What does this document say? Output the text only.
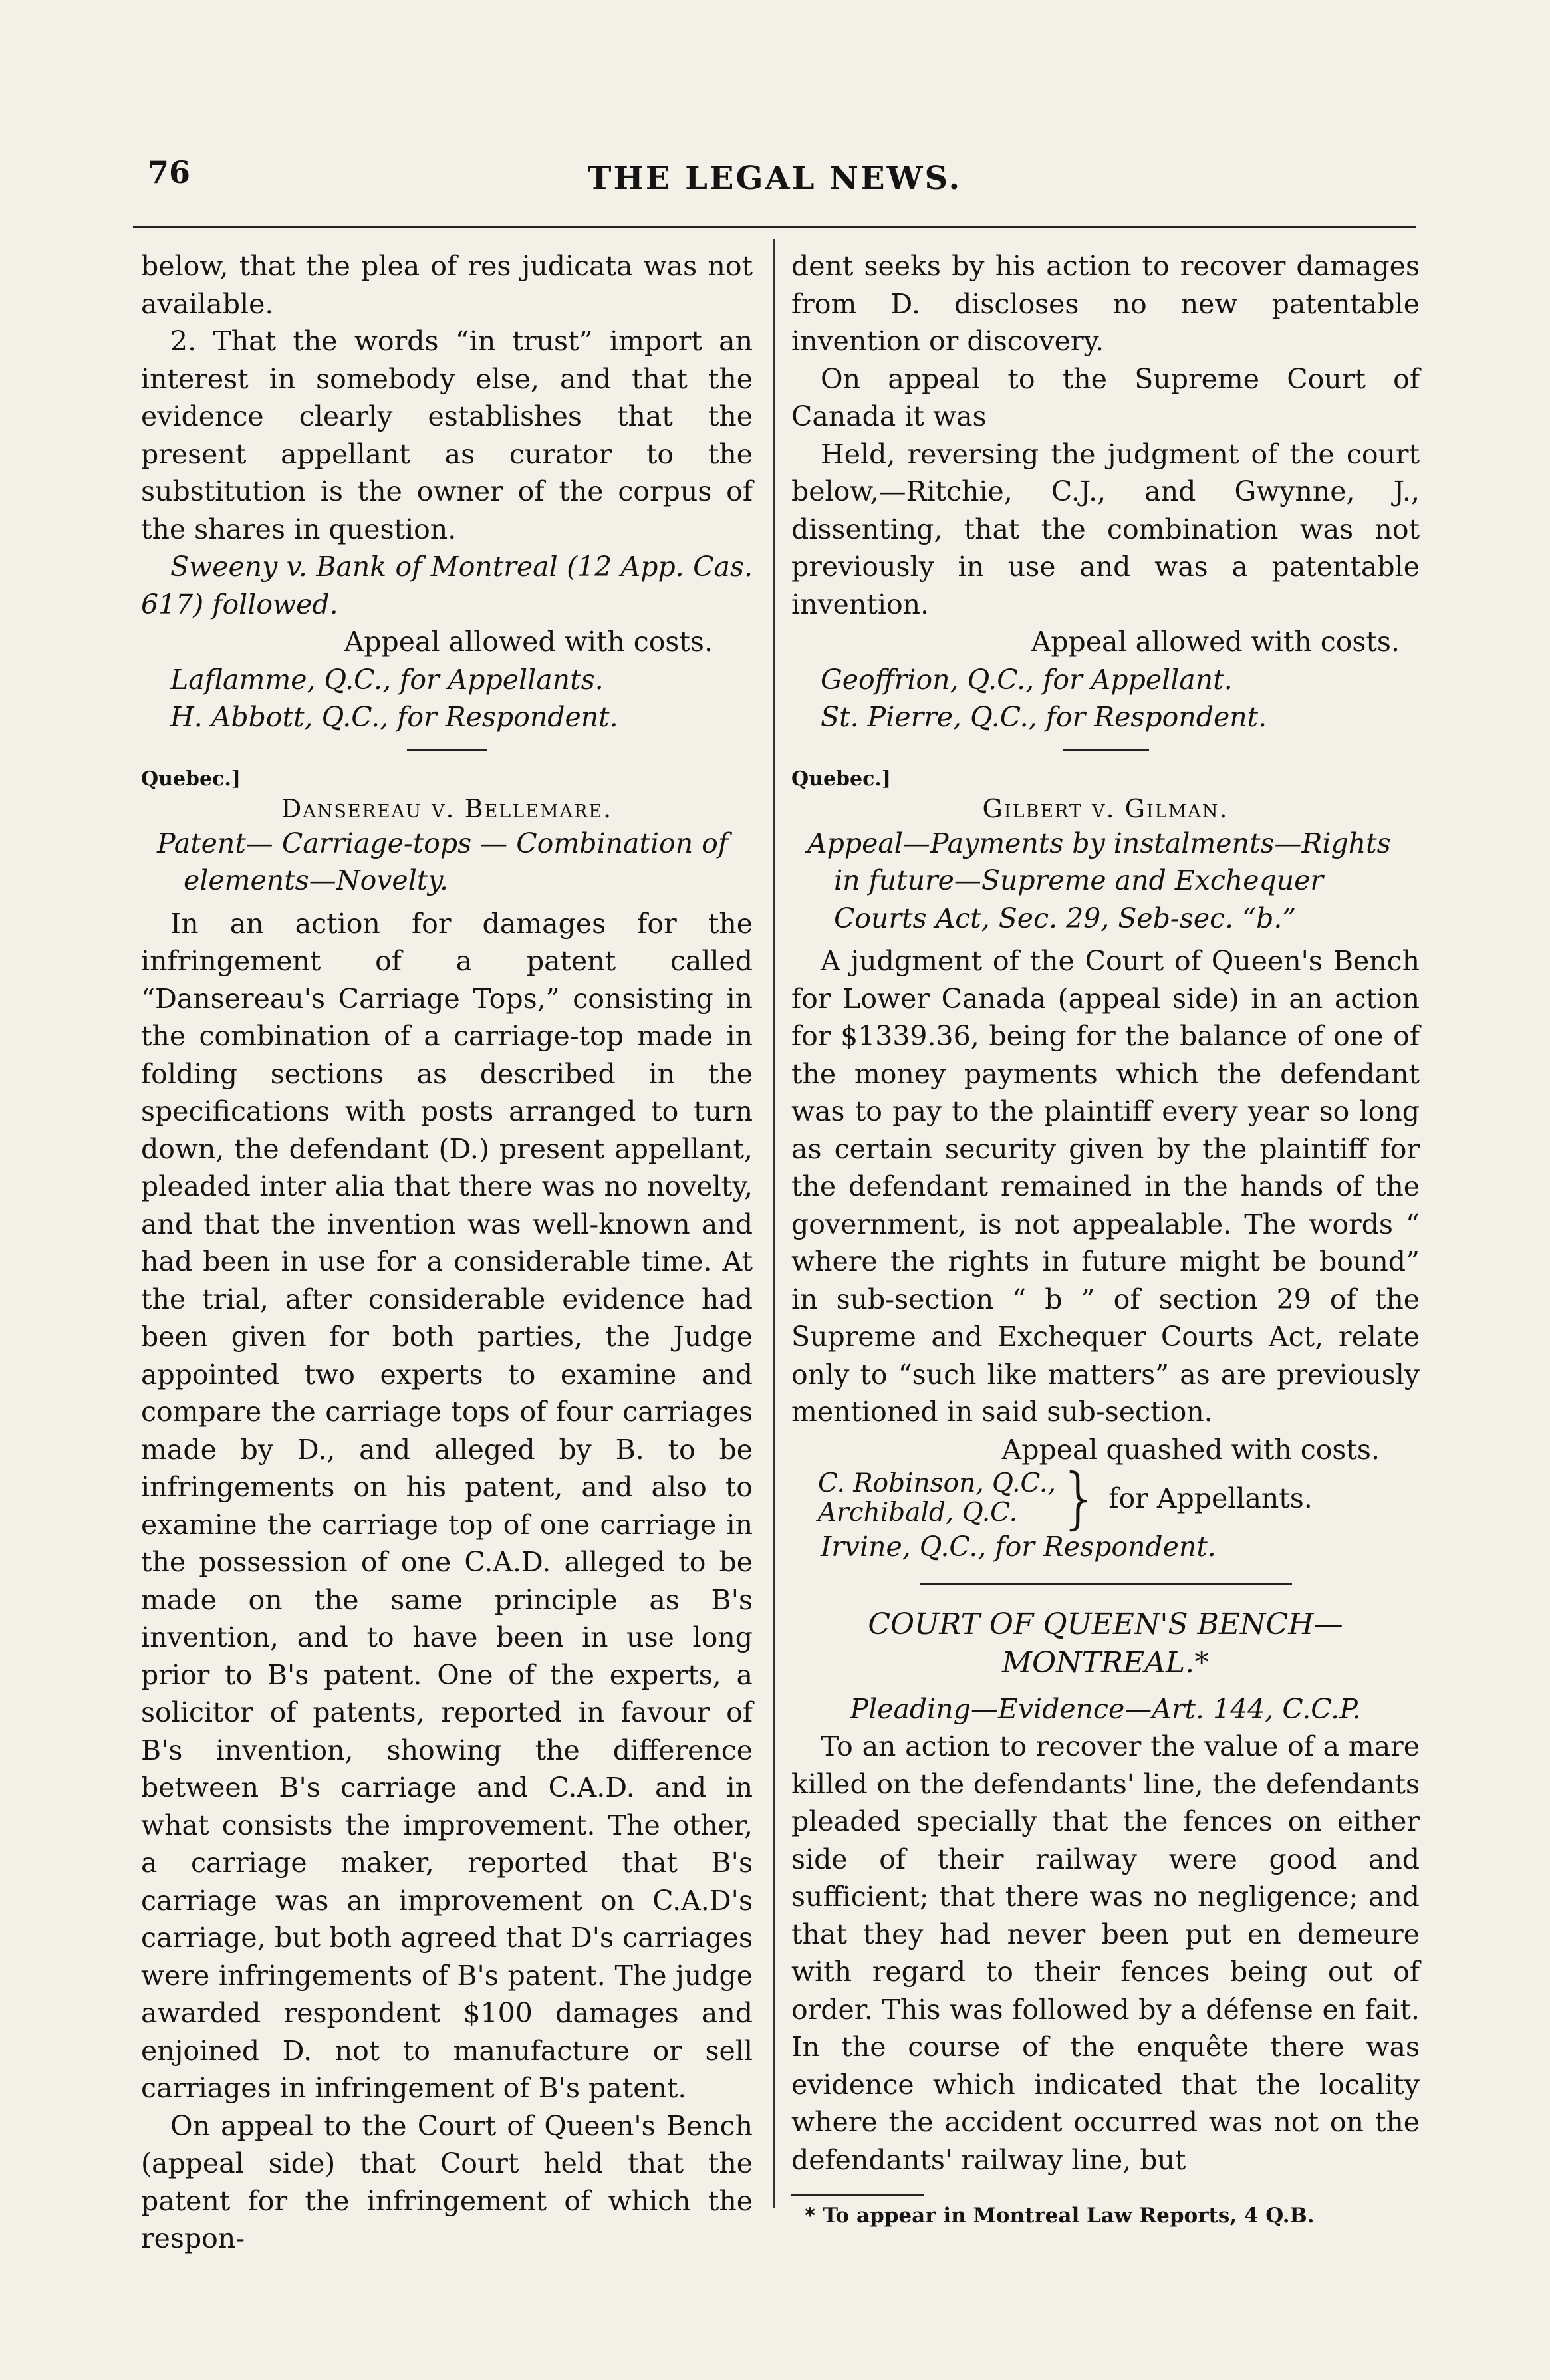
76	THE LEGAL NEWS.

below, that the plea of res judicata was not available.

2. That the words “in trust” import an interest in somebody else, and that the evidence clearly establishes that the present appellant as curator to the substitution is the owner of the corpus of the shares in question.

Sweeny v. Bank of Montreal (12 App. Cas. 617) followed.

Appeal allowed with costs.

Laflamme, Q.C., for Appellants.

H. Abbott, Q.C., for Respondent.

Quebec.]

Dansereau v. Bellemare.

Patent— Carriage-tops — Combination of elements—Novelty.

In an action for damages for the infringement of a patent called “Dansereau's Carriage Tops,” consisting in the combination of a carriage-top made in folding sections as described in the specifications with posts arranged to turn down, the defendant (D.) present appellant, pleaded inter alia that there was no novelty, and that the invention was well-known and had been in use for a considerable time. At the trial, after considerable evidence had been given for both parties, the Judge appointed two experts to examine and compare the carriage tops of four carriages made by D., and alleged by B. to be infringements on his patent, and also to examine the carriage top of one carriage in the possession of one C.A.D. alleged to be made on the same principle as B's invention, and to have been in use long prior to B's patent. One of the experts, a solicitor of patents, reported in favour of B's invention, showing the difference between B's carriage and C.A.D. and in what consists the improvement. The other, a carriage maker, reported that B's carriage was an improvement on C.A.D's carriage, but both agreed that D's carriages were infringements of B's patent. The judge awarded respondent $100 damages and enjoined D. not to manufacture or sell carriages in infringement of B's patent.

On appeal to the Court of Queen's Bench (appeal side) that Court held that the patent for the infringement of which the respon-

dent seeks by his action to recover damages from D. discloses no new patentable invention or discovery.

On appeal to the Supreme Court of Canada it was

Held, reversing the judgment of the court below,—Ritchie, C.J., and Gwynne, J., dissenting, that the combination was not previously in use and was a patentable invention.

Appeal allowed with costs.

Geoffrion, Q.C., for Appellant.

St. Pierre, Q.C., for Respondent.

Quebec.]

Gilbert v. Gilman.

Appeal—Payments by instalments—Rights in future—Supreme and Exchequer Courts Act, Sec. 29, Seb-sec. “b.”

A judgment of the Court of Queen's Bench for Lower Canada (appeal side) in an action for $1339.36, being for the balance of one of the money payments which the defendant was to pay to the plaintiff every year so long as certain security given by the plaintiff for the defendant remained in the hands of the government, is not appealable. The words “ where the rights in future might be bound” in sub-section “ b ” of section 29 of the Supreme and Exchequer Courts Act, relate only to “such like matters” as are previously mentioned in said sub-section.

Appeal quashed with costs.

C. Robinson, Q.C.,
Archibald, Q.C. } for Appellants.

Irvine, Q.C., for Respondent.

COURT OF QUEEN'S BENCH—

MONTREAL.*

Pleading—Evidence—Art. 144, C.C.P.

To an action to recover the value of a mare killed on the defendants' line, the defendants pleaded specially that the fences on either side of their railway were good and sufficient; that there was no negligence; and that they had never been put en demeure with regard to their fences being out of order. This was followed by a défense en fait. In the course of the enquête there was evidence which indicated that the locality where the accident occurred was not on the defendants' railway line, but

* To appear in Montreal Law Reports, 4 Q.B.
